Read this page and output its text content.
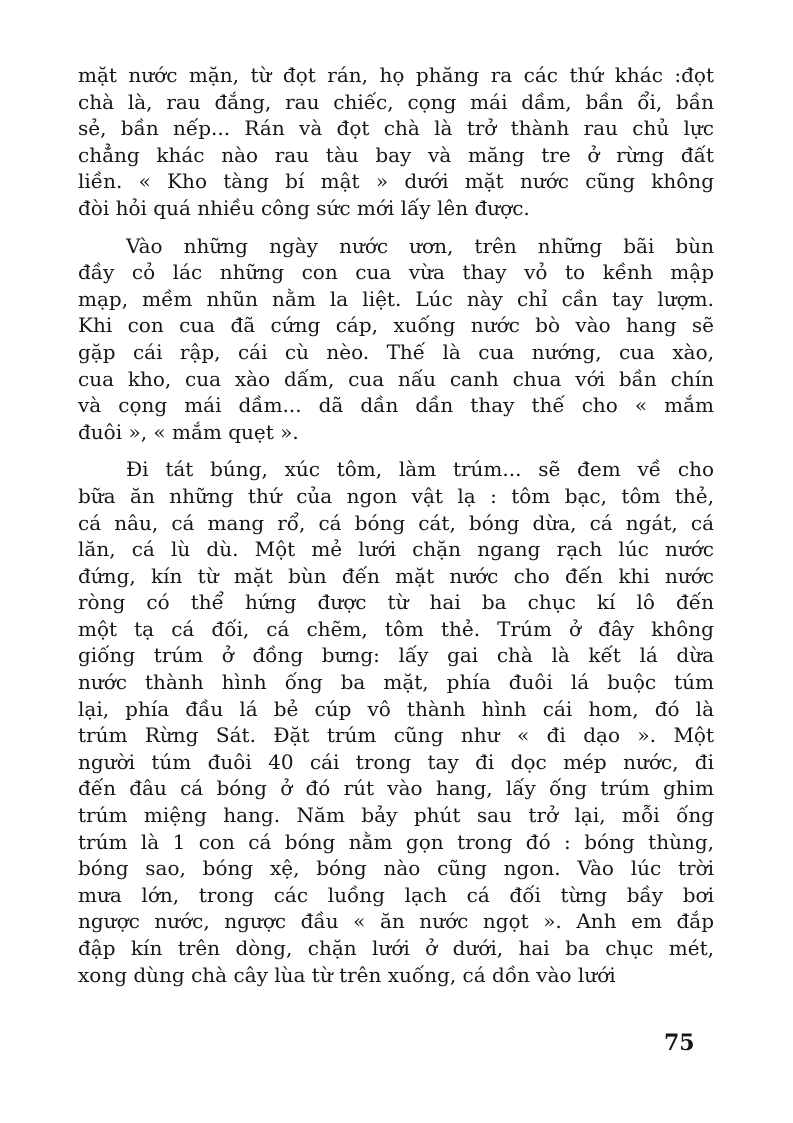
mặt nước mặn, từ đọt rán, họ phăng ra các thứ khác :đọt
chà là, rau đắng, rau chiếc, cọng mái dầm, bần ổi, bần
sẻ, bần nếp... Rán và đọt chà là trở thành rau chủ lực
chẳng khác nào rau tàu bay và măng tre ở rừng đất
liền. « Kho tàng bí mật » dưới mặt nước cũng không
đòi hỏi quá nhiều công sức mới lấy lên được.

Vào những ngày nước ươn, trên những bãi bùn
đầy cỏ lác những con cua vừa thay vỏ to kềnh mập
mạp, mềm nhũn nằm la liệt. Lúc này chỉ cần tay lượm.
Khi con cua đã cứng cáp, xuống nước bò vào hang sẽ
gặp cái rập, cái cù nèo. Thế là cua nướng, cua xào,
cua kho, cua xào dấm, cua nấu canh chua với bần chín
và cọng mái dầm... dã dần dần thay thế cho « mắm
đuôi », « mắm quẹt ».

Đi tát búng, xúc tôm, làm trúm... sẽ đem về cho
bữa ăn những thứ của ngon vật lạ : tôm bạc, tôm thẻ,
cá nâu, cá mang rổ, cá bóng cát, bóng dừa, cá ngát, cá
lăn, cá lù dù. Một mẻ lưới chặn ngang rạch lúc nước
đứng, kín từ mặt bùn đến mặt nước cho đến khi nước
ròng có thể hứng được từ hai ba chục kí lô đến
một tạ cá đối, cá chẽm, tôm thẻ. Trúm ở đây không
giống trúm ở đồng bưng: lấy gai chà là kết lá dừa
nước thành hình ống ba mặt, phía đuôi lá buộc túm
lại, phía đầu lá bẻ cúp vô thành hình cái hom, đó là
trúm Rừng Sát. Đặt trúm cũng như « đi dạo ». Một
người túm đuôi 40 cái trong tay đi dọc mép nước, đi
đến đâu cá bóng ở đó rút vào hang, lấy ống trúm ghim
trúm miệng hang. Năm bảy phút sau trở lại, mỗi ống
trúm là 1 con cá bóng nằm gọn trong đó : bóng thùng,
bóng sao, bóng xệ, bóng nào cũng ngon. Vào lúc trời
mưa lớn, trong các luồng lạch cá đối từng bầy bơi
ngược nước, ngược đầu « ăn nước ngọt ». Anh em đắp
đập kín trên dòng, chặn lưới ở dưới, hai ba chục mét,
xong dùng chà cây lùa từ trên xuống, cá dồn vào lưới

75
